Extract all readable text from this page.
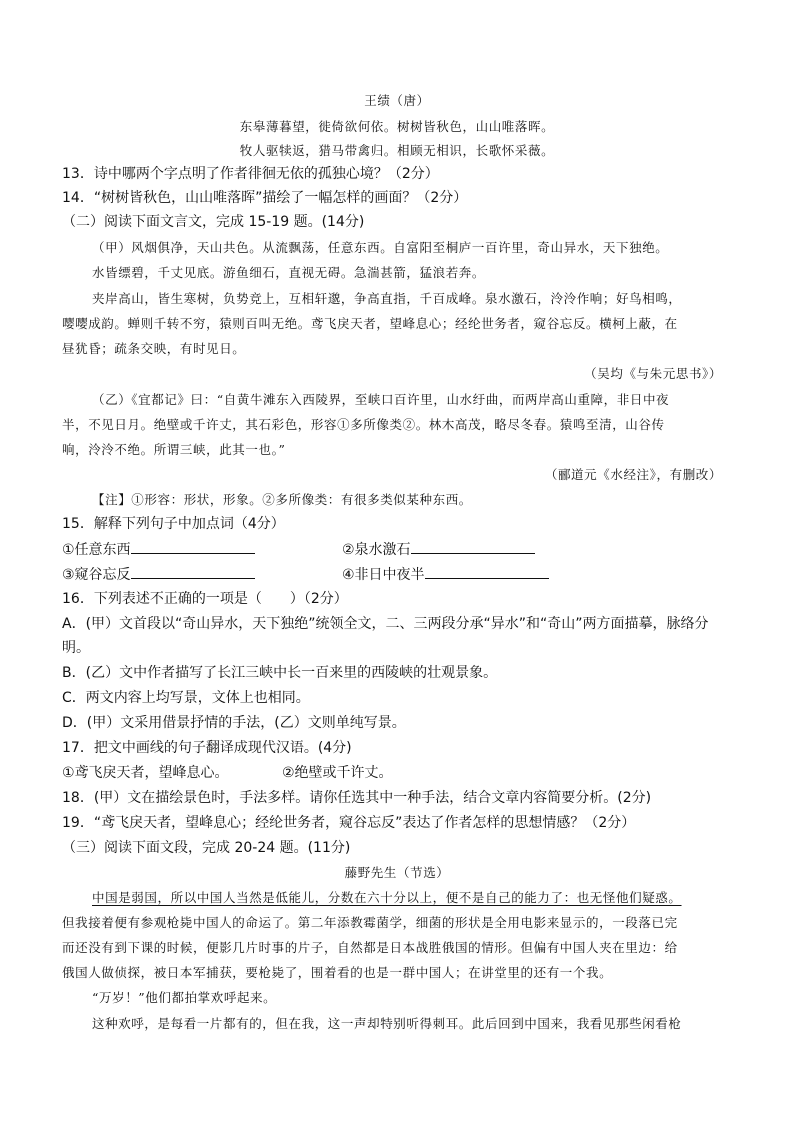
王绩（唐）
东皋薄暮望，徙倚欲何依。树树皆秋色，山山唯落晖。
牧人驱犊返，猎马带禽归。相顾无相识，长歌怀采薇。
13．诗中哪两个字点明了作者徘徊无依的孤独心境？（2分）
14．“树树皆秋色，山山唯落晖”描绘了一幅怎样的画面？（2分）
（二）阅读下面文言文，完成 15-19 题。(14分)
（甲）风烟俱净，天山共色。从流飘荡，任意东西。自富阳至桐庐一百许里，奇山异水，天下独绝。
水皆缥碧，千丈见底。游鱼细石，直视无碍。急湍甚箭，猛浪若奔。
夹岸高山，皆生寒树，负势竞上，互相轩邈，争高直指，千百成峰。泉水激石，泠泠作响；好鸟相鸣，
嘤嘤成韵。蝉则千转不穷，猿则百叫无绝。鸢飞戾天者，望峰息心；经纶世务者，窥谷忘反。横柯上蔽，在
昼犹昏；疏条交映，有时见日。
（吴均《与朱元思书》）
（乙）《宜都记》曰：“自黄牛滩东入西陵界，至峡口百许里，山水纡曲，而两岸高山重障，非日中夜
半，不见日月。绝壁或千许丈，其石彩色，形容①多所像类②。林木高茂，略尽冬春。猿鸣至清，山谷传
响，泠泠不绝。所谓三峡，此其一也。”
（郦道元《水经注》，有删改）
【注】①形容：形状，形象。②多所像类：有很多类似某种东西。
15．解释下列句子中加点词（4分）
①任意东西	②泉水激石
③窥谷忘反	④非日中夜半
16．下列表述不正确的一项是（　　）（2分）
A．(甲）文首段以“奇山异水，天下独绝”统领全文，二、三两段分承“异水”和“奇山”两方面描摹，脉络分
明。
B．(乙）文中作者描写了长江三峡中长一百来里的西陵峡的壮观景象。
C．两文内容上均写景，文体上也相同。
D．(甲）文采用借景抒情的手法，(乙）文则单纯写景。
17．把文中画线的句子翻译成现代汉语。(4分)
①鸢飞戾天者，望峰息心。	②绝壁或千许丈。
18．(甲）文在描绘景色时，手法多样。请你任选其中一种手法，结合文章内容简要分析。(2分)
19．“鸢飞戾天者，望峰息心；经纶世务者，窥谷忘反”表达了作者怎样的思想情感？（2分）
（三）阅读下面文段，完成 20-24 题。(11分)
藤野先生（节选）
中国是弱国，所以中国人当然是低能儿，分数在六十分以上，便不是自己的能力了：也无怪他们疑惑。
但我接着便有参观枪毙中国人的命运了。第二年添教霉菌学，细菌的形状是全用电影来显示的，一段落已完
而还没有到下课的时候，便影几片时事的片子，自然都是日本战胜俄国的情形。但偏有中国人夹在里边：给
俄国人做侦探，被日本军捕获，要枪毙了，围着看的也是一群中国人；在讲堂里的还有一个我。
“万岁！”他们都拍掌欢呼起来。
这种欢呼，是每看一片都有的，但在我，这一声却特别听得刺耳。此后回到中国来，我看见那些闲看枪
